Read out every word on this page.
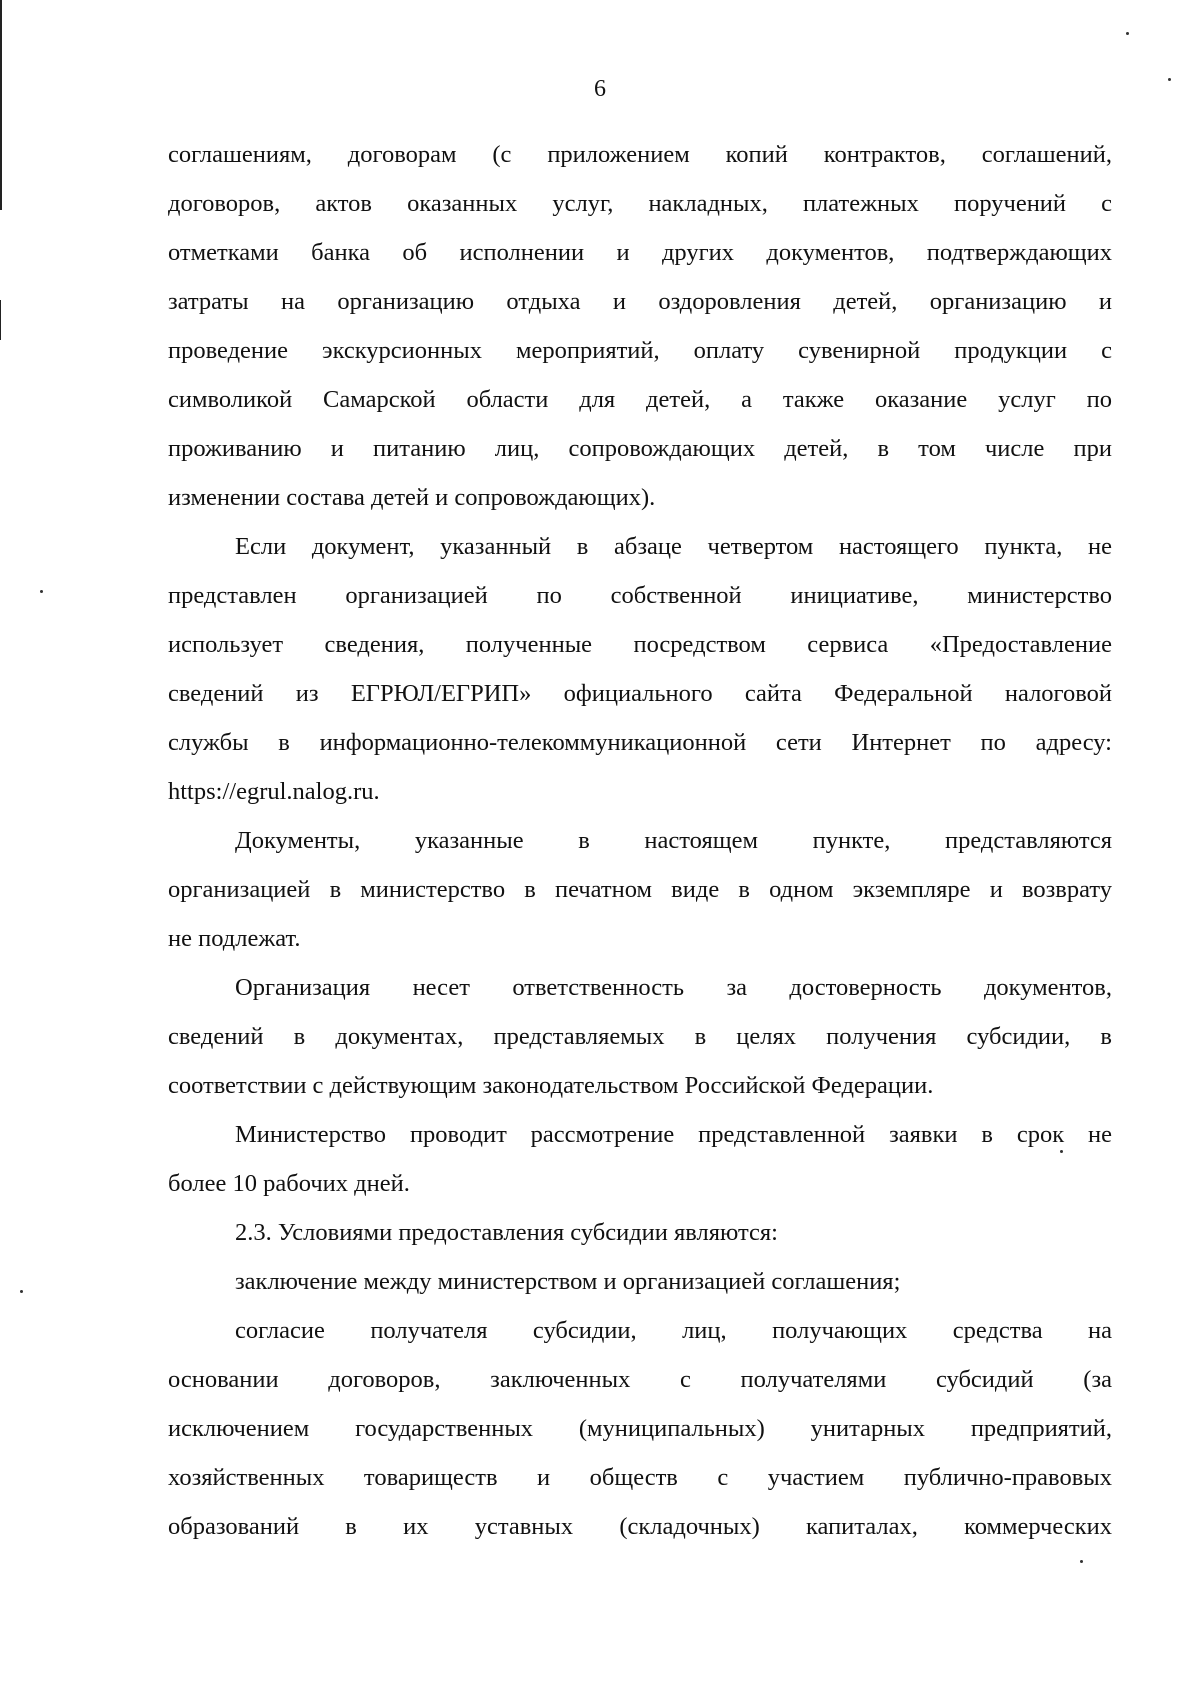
6

соглашениям, договорам (с приложением копий контрактов, соглашений,

договоров, актов оказанных услуг, накладных, платежных поручений с

отметками банка об исполнении и других документов, подтверждающих

затраты на организацию отдыха и оздоровления детей, организацию и

проведение экскурсионных мероприятий, оплату сувенирной продукции с

символикой Самарской области для детей, а также оказание услуг по

проживанию и питанию лиц, сопровождающих детей, в том числе при

изменении состава детей и сопровождающих).

Если документ, указанный в абзаце четвертом настоящего пункта, не

представлен организацией по собственной инициативе, министерство

использует сведения, полученные посредством сервиса «Предоставление

сведений из ЕГРЮЛ/ЕГРИП» официального сайта Федеральной налоговой

службы в информационно-телекоммуникационной сети Интернет по адресу:

https://egrul.nalog.ru.

Документы, указанные в настоящем пункте, представляются

организацией в министерство в печатном виде в одном экземпляре и возврату

не подлежат.

Организация несет ответственность за достоверность документов,

сведений в документах, представляемых в целях получения субсидии, в

соответствии с действующим законодательством Российской Федерации.

Министерство проводит рассмотрение представленной заявки в срок не

более 10 рабочих дней.

2.3. Условиями предоставления субсидии являются:

заключение между министерством и организацией соглашения;

согласие получателя субсидии, лиц, получающих средства на

основании договоров, заключенных с получателями субсидий (за

исключением государственных (муниципальных) унитарных предприятий,

хозяйственных товариществ и обществ с участием публично-правовых

образований в их уставных (складочных) капиталах, коммерческих
